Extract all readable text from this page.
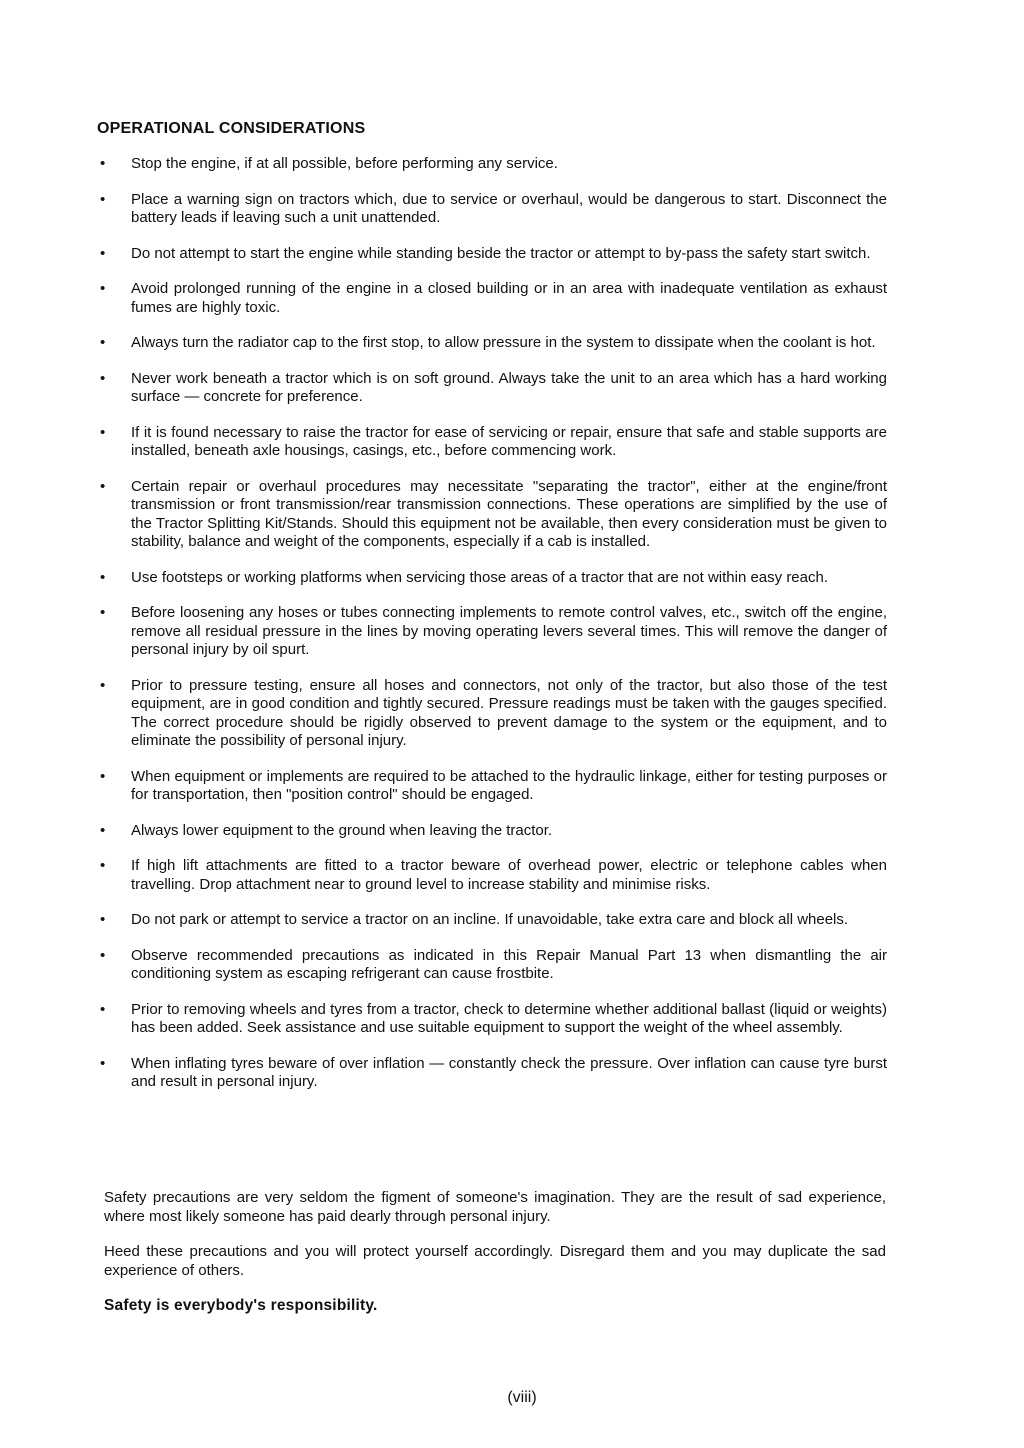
OPERATIONAL CONSIDERATIONS
• Stop the engine, if at all possible, before performing any service.
• Place a warning sign on tractors which, due to service or overhaul, would be dangerous to start. Disconnect the battery leads if leaving such a unit unattended.
• Do not attempt to start the engine while standing beside the tractor or attempt to by-pass the safety start switch.
• Avoid prolonged running of the engine in a closed building or in an area with inadequate ventilation as exhaust fumes are highly toxic.
• Always turn the radiator cap to the first stop, to allow pressure in the system to dissipate when the coolant is hot.
• Never work beneath a tractor which is on soft ground. Always take the unit to an area which has a hard working surface — concrete for preference.
• If it is found necessary to raise the tractor for ease of servicing or repair, ensure that safe and stable supports are installed, beneath axle housings, casings, etc., before commencing work.
• Certain repair or overhaul procedures may necessitate "separating the tractor", either at the engine/front transmission or front transmission/rear transmission connections. These operations are simplified by the use of the Tractor Splitting Kit/Stands. Should this equipment not be available, then every consideration must be given to stability, balance and weight of the components, especially if a cab is installed.
• Use footsteps or working platforms when servicing those areas of a tractor that are not within easy reach.
• Before loosening any hoses or tubes connecting implements to remote control valves, etc., switch off the engine, remove all residual pressure in the lines by moving operating levers several times. This will remove the danger of personal injury by oil spurt.
• Prior to pressure testing, ensure all hoses and connectors, not only of the tractor, but also those of the test equipment, are in good condition and tightly secured. Pressure readings must be taken with the gauges specified. The correct procedure should be rigidly observed to prevent damage to the system or the equipment, and to eliminate the possibility of personal injury.
• When equipment or implements are required to be attached to the hydraulic linkage, either for testing purposes or for transportation, then "position control" should be engaged.
• Always lower equipment to the ground when leaving the tractor.
• If high lift attachments are fitted to a tractor beware of overhead power, electric or telephone cables when travelling. Drop attachment near to ground level to increase stability and minimise risks.
• Do not park or attempt to service a tractor on an incline. If unavoidable, take extra care and block all wheels.
• Observe recommended precautions as indicated in this Repair Manual Part 13 when dismantling the air conditioning system as escaping refrigerant can cause frostbite.
• Prior to removing wheels and tyres from a tractor, check to determine whether additional ballast (liquid or weights) has been added. Seek assistance and use suitable equipment to support the weight of the wheel assembly.
• When inflating tyres beware of over inflation — constantly check the pressure. Over inflation can cause tyre burst and result in personal injury.

Safety precautions are very seldom the figment of someone's imagination. They are the result of sad experience, where most likely someone has paid dearly through personal injury.

Heed these precautions and you will protect yourself accordingly. Disregard them and you may duplicate the sad experience of others.

Safety is everybody's responsibility.

(viii)
